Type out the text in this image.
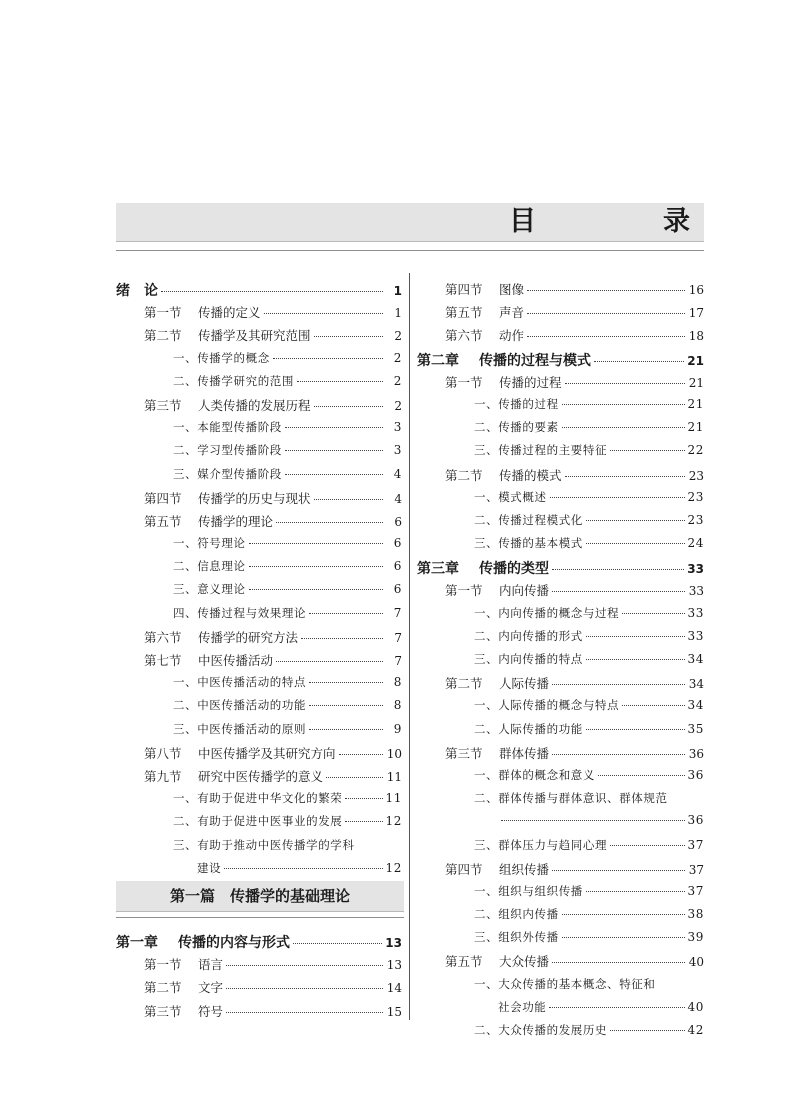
目　录
绪　论	1
第一节	传播的定义	1
第二节	传播学及其研究范围	2
一、传播学的概念	2
二、传播学研究的范围	2
第三节	人类传播的发展历程	2
一、本能型传播阶段	3
二、学习型传播阶段	3
三、媒介型传播阶段	4
第四节	传播学的历史与现状	4
第五节	传播学的理论	6
一、符号理论	6
二、信息理论	6
三、意义理论	6
四、传播过程与效果理论	7
第六节	传播学的研究方法	7
第七节	中医传播活动	7
一、中医传播活动的特点	8
二、中医传播活动的功能	8
三、中医传播活动的原则	9
第八节	中医传播学及其研究方向	10
第九节	研究中医传播学的意义	11
一、有助于促进中华文化的繁荣	11
二、有助于促进中医事业的发展	12
三、有助于推动中医传播学的学科
建设	12
第一篇　传播学的基础理论
第一章	传播的内容与形式	13
第一节	语言	13
第二节	文字	14
第三节	符号	15
第四节	图像	16
第五节	声音	17
第六节	动作	18
第二章	传播的过程与模式	21
第一节	传播的过程	21
一、传播的过程	21
二、传播的要素	21
三、传播过程的主要特征	22
第二节	传播的模式	23
一、模式概述	23
二、传播过程模式化	23
三、传播的基本模式	24
第三章	传播的类型	33
第一节	内向传播	33
一、内向传播的概念与过程	33
二、内向传播的形式	33
三、内向传播的特点	34
第二节	人际传播	34
一、人际传播的概念与特点	34
二、人际传播的功能	35
第三节	群体传播	36
一、群体的概念和意义	36
二、群体传播与群体意识、群体规范
36
三、群体压力与趋同心理	37
第四节	组织传播	37
一、组织与组织传播	37
二、组织内传播	38
三、组织外传播	39
第五节	大众传播	40
一、大众传播的基本概念、特征和
社会功能	40
二、大众传播的发展历史	42
